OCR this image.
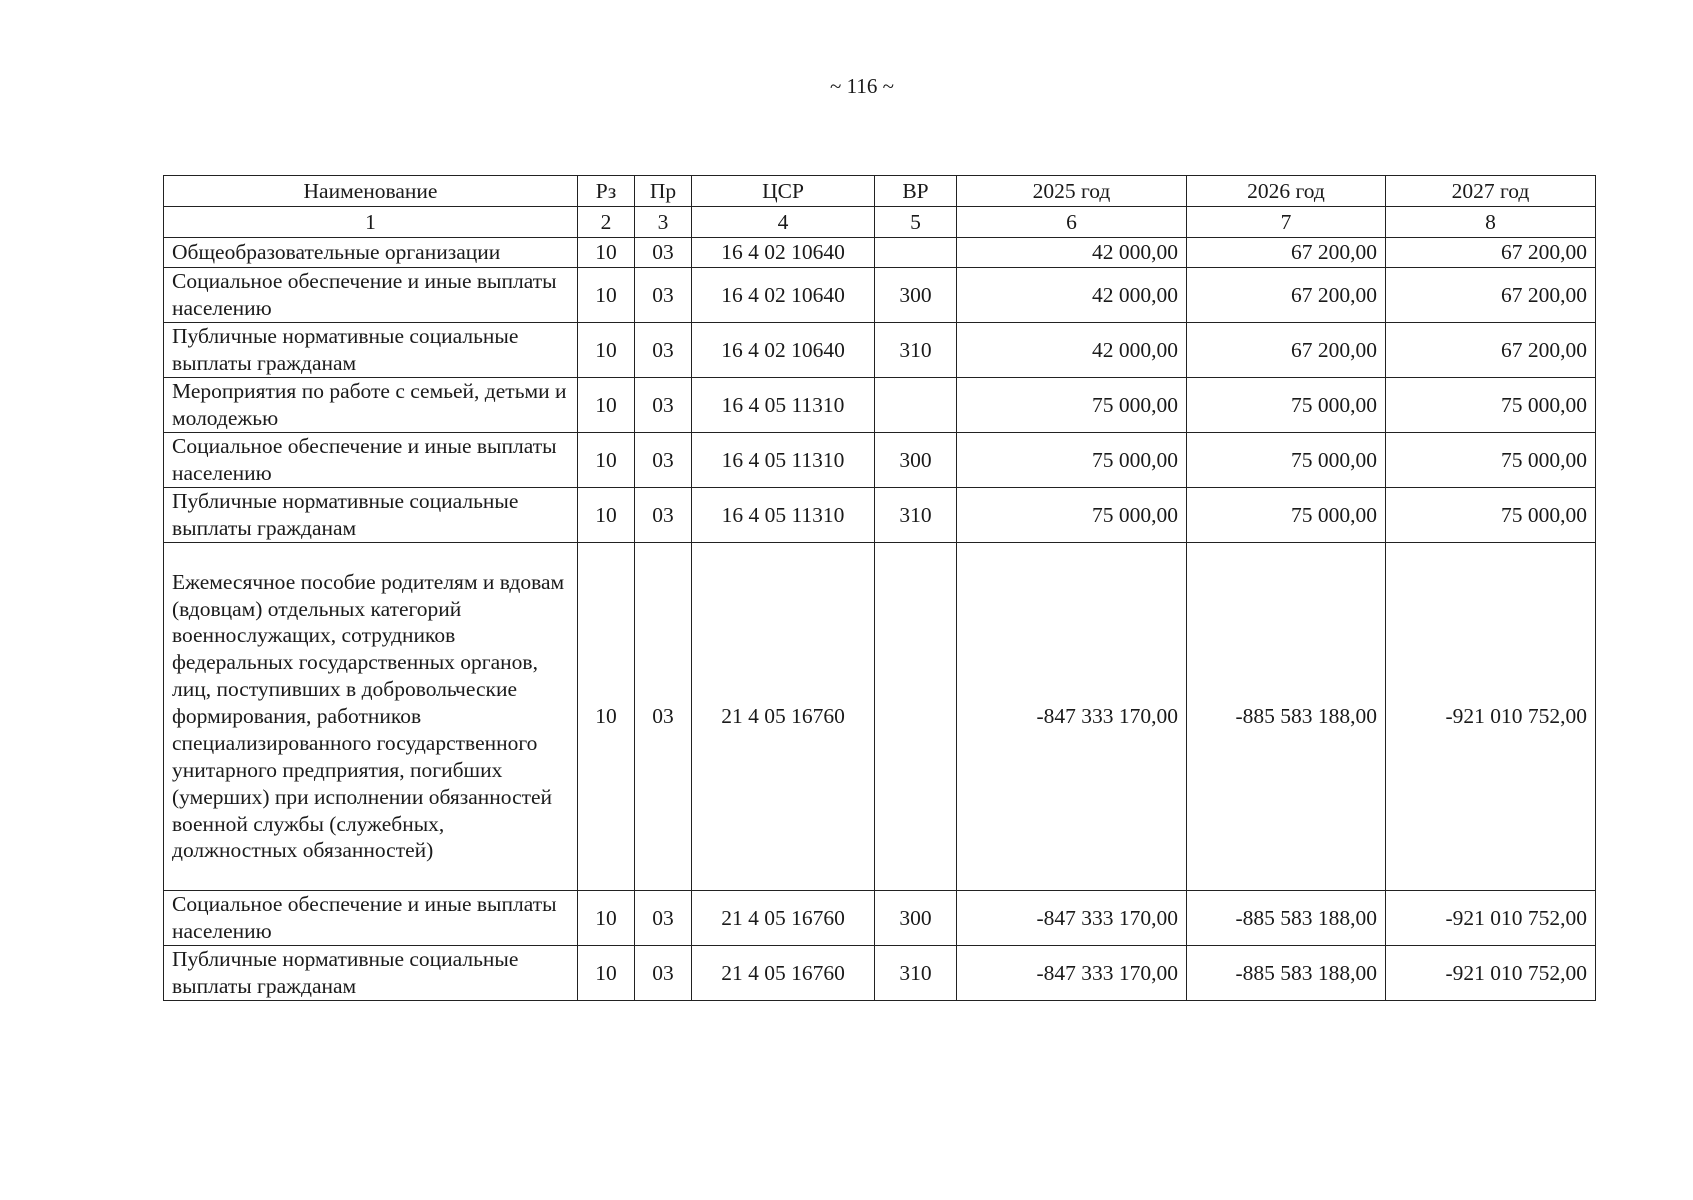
~ 116 ~
Наименование	Рз	Пр	ЦСР	ВР	2025 год	2026 год	2027 год
1	2	3	4	5	6	7	8
Общеобразовательные организации	10	03	16 4 02 10640		42 000,00	67 200,00	67 200,00
Социальное обеспечение и иные выплаты населению	10	03	16 4 02 10640	300	42 000,00	67 200,00	67 200,00
Публичные нормативные социальные выплаты гражданам	10	03	16 4 02 10640	310	42 000,00	67 200,00	67 200,00
Мероприятия по работе с семьей, детьми и молодежью	10	03	16 4 05 11310		75 000,00	75 000,00	75 000,00
Социальное обеспечение и иные выплаты населению	10	03	16 4 05 11310	300	75 000,00	75 000,00	75 000,00
Публичные нормативные социальные выплаты гражданам	10	03	16 4 05 11310	310	75 000,00	75 000,00	75 000,00
Ежемесячное пособие родителям и вдовам (вдовцам) отдельных категорий военнослужащих, сотрудников федеральных государственных органов, лиц, поступивших в добровольческие формирования, работников специализированного государственного унитарного предприятия, погибших (умерших) при исполнении обязанностей военной службы (служебных, должностных обязанностей)	10	03	21 4 05 16760		-847 333 170,00	-885 583 188,00	-921 010 752,00
Социальное обеспечение и иные выплаты населению	10	03	21 4 05 16760	300	-847 333 170,00	-885 583 188,00	-921 010 752,00
Публичные нормативные социальные выплаты гражданам	10	03	21 4 05 16760	310	-847 333 170,00	-885 583 188,00	-921 010 752,00
